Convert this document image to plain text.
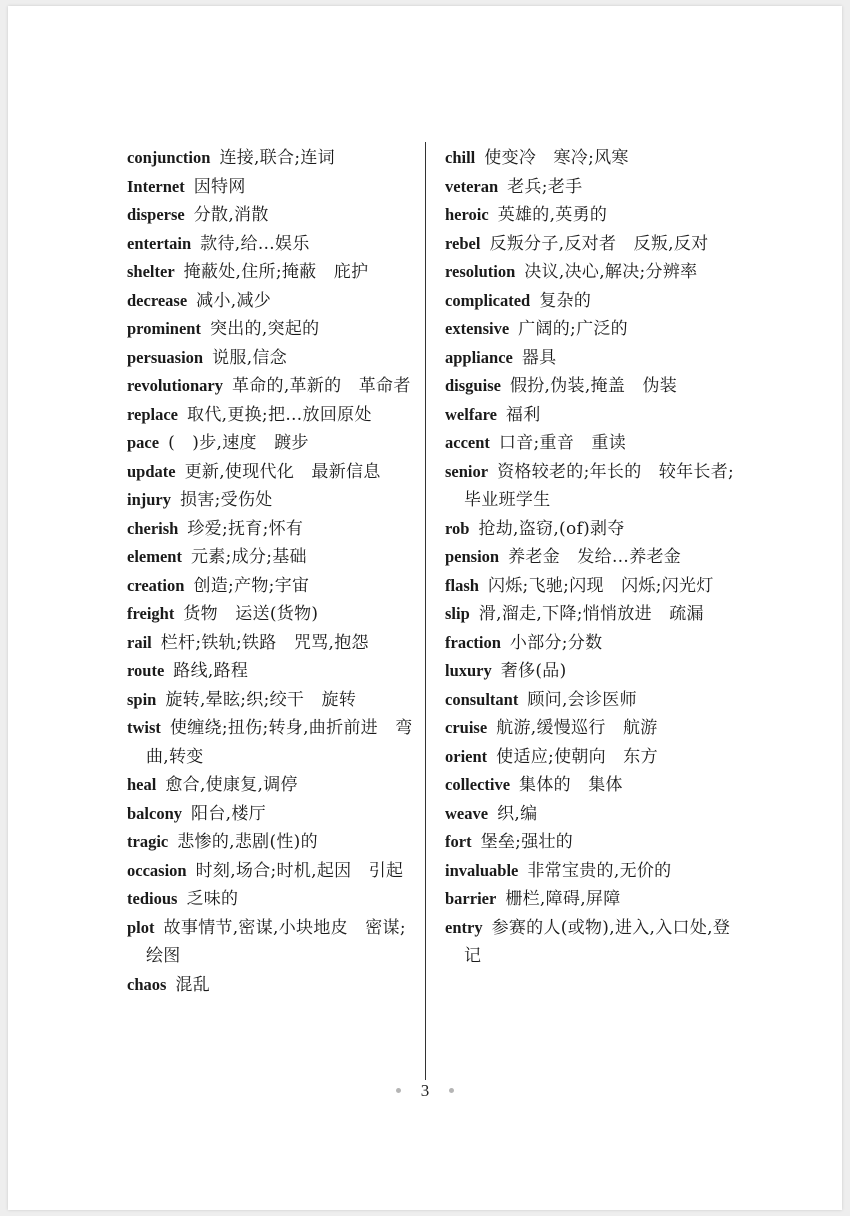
conjunction 连接,联合;连词

Internet 因特网

disperse 分散,消散

entertain 款待,给…娱乐

shelter 掩蔽处,住所;掩蔽　庇护

decrease 减小,减少

prominent 突出的,突起的

persuasion 说服,信念

revolutionary 革命的,革新的　革命者

replace 取代,更换;把…放回原处

pace (　)步,速度　踱步

update 更新,使现代化　最新信息

injury 损害;受伤处

cherish 珍爱;抚育;怀有

element 元素;成分;基础

creation 创造;产物;宇宙

freight 货物　运送(货物)

rail 栏杆;铁轨;铁路　咒骂,抱怨

route 路线,路程

spin 旋转,晕眩;织;绞干　旋转

twist 使缠绕;扭伤;转身,曲折前进　弯曲,转变

heal 愈合,使康复,调停

balcony 阳台,楼厅

tragic 悲惨的,悲剧(性)的

occasion 时刻,场合;时机,起因　引起

tedious 乏味的

plot 故事情节,密谋,小块地皮　密谋;绘图

chaos 混乱

chill 使变冷　寒冷;风寒

veteran 老兵;老手

heroic 英雄的,英勇的

rebel 反叛分子,反对者　反叛,反对

resolution 决议,决心,解决;分辨率

complicated 复杂的

extensive 广阔的;广泛的

appliance 器具

disguise 假扮,伪装,掩盖　伪装

welfare 福利

accent 口音;重音　重读

senior 资格较老的;年长的　较年长者;毕业班学生

rob 抢劫,盗窃,(of)剥夺

pension 养老金　发给…养老金

flash 闪烁;飞驰;闪现　闪烁;闪光灯

slip 滑,溜走,下降;悄悄放进　疏漏

fraction 小部分;分数

luxury 奢侈(品)

consultant 顾问,会诊医师

cruise 航游,缓慢巡行　航游

orient 使适应;使朝向　东方

collective 集体的　集体

weave 织,编

fort 堡垒;强壮的

invaluable 非常宝贵的,无价的

barrier 栅栏,障碍,屏障

entry 参赛的人(或物),进入,入口处,登记

3
